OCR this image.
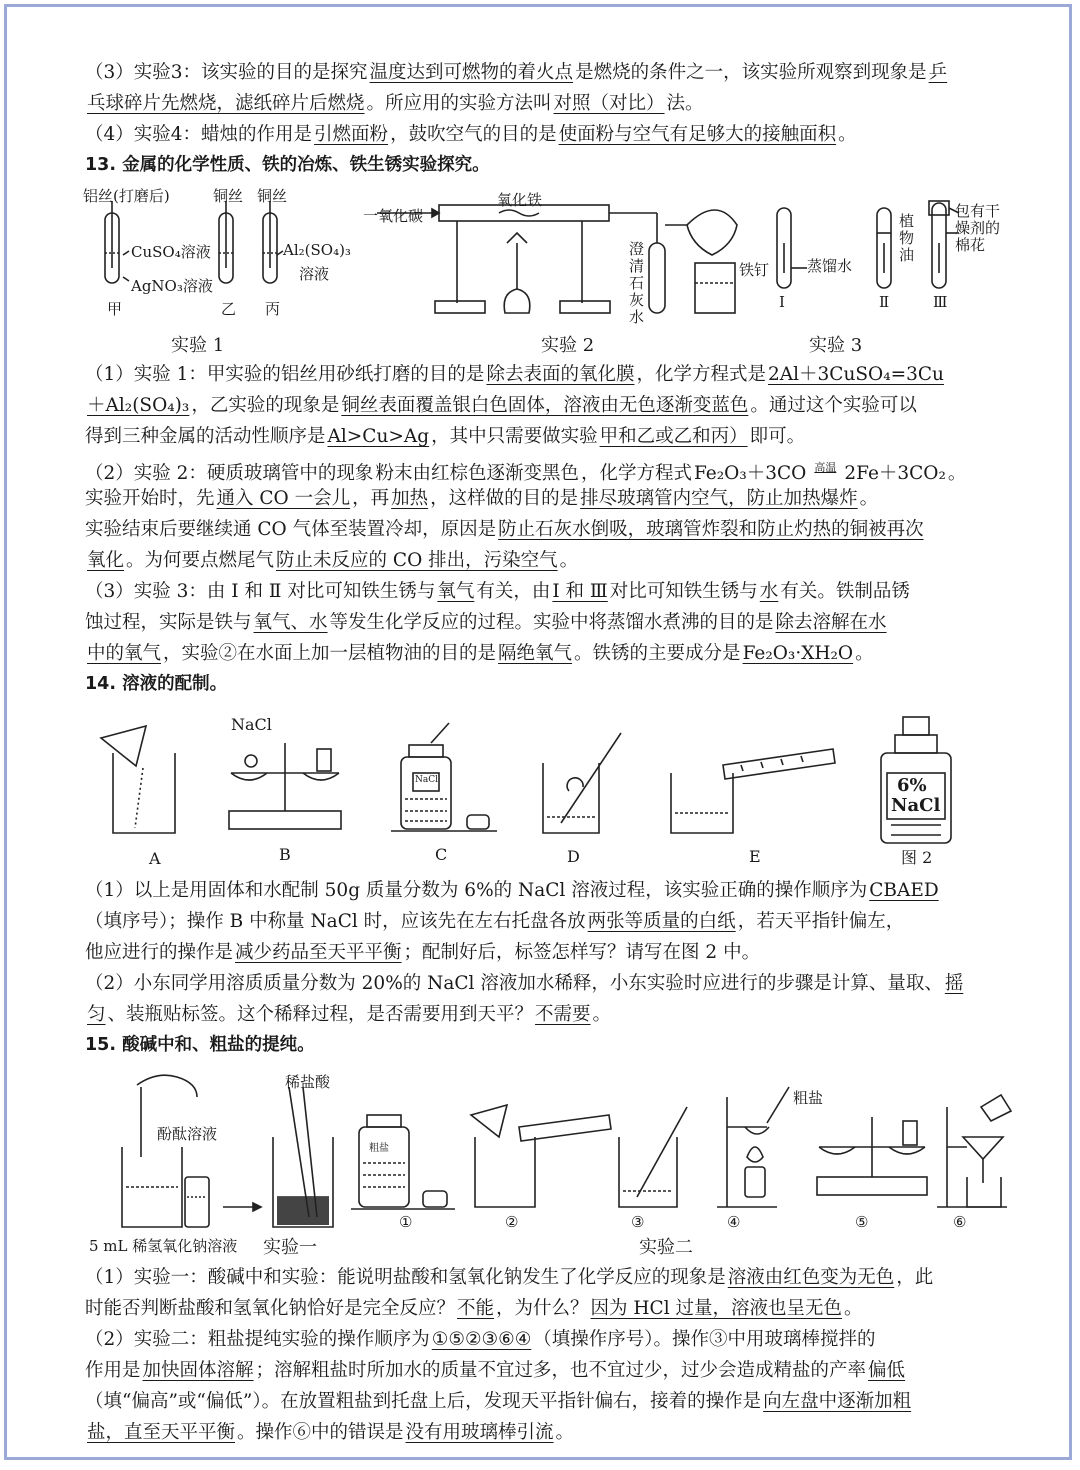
（3）实验3：该实验的目的是探究 温度达到可燃物的着火点 是燃烧的条件之一，该实验所观察到现象是 乒
乓球碎片先燃烧，滤纸碎片后燃烧 。所应用的实验方法叫 对照（对比） 法。
（4）实验4：蜡烛的作用是 引燃面粉 ，鼓吹空气的目的是 使面粉与空气有足够大的接触面积 。
13. 金属的化学性质、铁的冶炼、铁生锈实验探究。
铝丝(打磨后)	铜丝 铜丝
CuSO₄溶液
AgNO₃溶液
Al₂(SO₄)₃
溶液
甲	乙 丙
一氧化碳
氧化铁
澄清石灰水
铁钉	蒸馏水
植物油
包有干燥剂的棉花
Ⅰ	Ⅱ	Ⅲ
实验 1	实验 2	实验 3
（1）实验 1：甲实验的铝丝用砂纸打磨的目的是 除去表面的氧化膜 ，化学方程式是 2Al＋3CuSO₄=3Cu
＋Al₂(SO₄)₃ ，乙实验的现象是 铜丝表面覆盖银白色固体，溶液由无色逐渐变蓝色 。通过这个实验可以
得到三种金属的活动性顺序是 Al>Cu>Ag ，其中只需要做实验 甲和乙或乙和丙） 即可。
（2）实验 2：硬质玻璃管中的现象 粉末由红棕色逐渐变黑色 ，化学方程式 Fe₂O₃＋3CO $^{高温}$ 2Fe＋3CO₂ 。
实验开始时，先 通入 CO 一会儿 ，再 加热 ，这样做的目的是 排尽玻璃管内空气，防止加热爆炸 。
实验结束后要继续通 CO 气体至装置冷却，原因是 防止石灰水倒吸，玻璃管炸裂和防止灼热的铜被再次
氧化 。为何要点燃尾气 防止未反应的 CO 排出，污染空气 。
（3）实验 3：由 Ⅰ 和 Ⅱ 对比可知铁生锈与 氧气 有关，由 Ⅰ 和 Ⅲ 对比可知铁生锈与 水 有关。铁制品锈
蚀过程，实际是铁与 氧气、水 等发生化学反应的过程。实验中将蒸馏水煮沸的目的是 除去溶解在水
中的氧气 ，实验②在水面上加一层植物油的目的是 隔绝氧气 。铁锈的主要成分是 Fe₂O₃·XH₂O 。
14. 溶液的配制。
NaCl
NaCl	6%
NaCl
A	B	C	D	E	图 2
（1）以上是用固体和水配制 50g 质量分数为 6%的 NaCl 溶液过程，该实验正确的操作顺序为 CBAED
（填序号）；操作 B 中称量 NaCl 时，应该先在左右托盘各放 两张等质量的白纸 ，若天平指针偏左，
他应进行的操作是 减少药品至天平平衡 ；配制好后，标签怎样写？请写在图 2 中。
（2）小东同学用溶质质量分数为 20%的 NaCl 溶液加水稀释，小东实验时应进行的步骤是计算、量取、 摇
匀 、装瓶贴标签。这个稀释过程，是否需要用到天平？ 不需要 。
15. 酸碱中和、粗盐的提纯。
稀盐酸
酚酞溶液
5 mL 稀氢氧化钠溶液 实验一	实验二
粗盐
粗盐
①	②	③	④	⑤	⑥
（1）实验一：酸碱中和实验：能说明盐酸和氢氧化钠发生了化学反应的现象是 溶液由红色变为无色 ，此
时能否判断盐酸和氢氧化钠恰好是完全反应？ 不能 ，为什么？ 因为 HCl 过量，溶液也呈无色 。
（2）实验二：粗盐提纯实验的操作顺序为 ①⑤②③⑥④ （填操作序号）。操作③中用玻璃棒搅拌的
作用是 加快固体溶解 ；溶解粗盐时所加水的质量不宜过多，也不宜过少，过少会造成精盐的产率 偏低
（填“偏高”或“偏低”）。在放置粗盐到托盘上后，发现天平指针偏右，接着的操作是 向左盘中逐渐加粗
盐，直至天平平衡 。操作⑥中的错误是 没有用玻璃棒引流 。
